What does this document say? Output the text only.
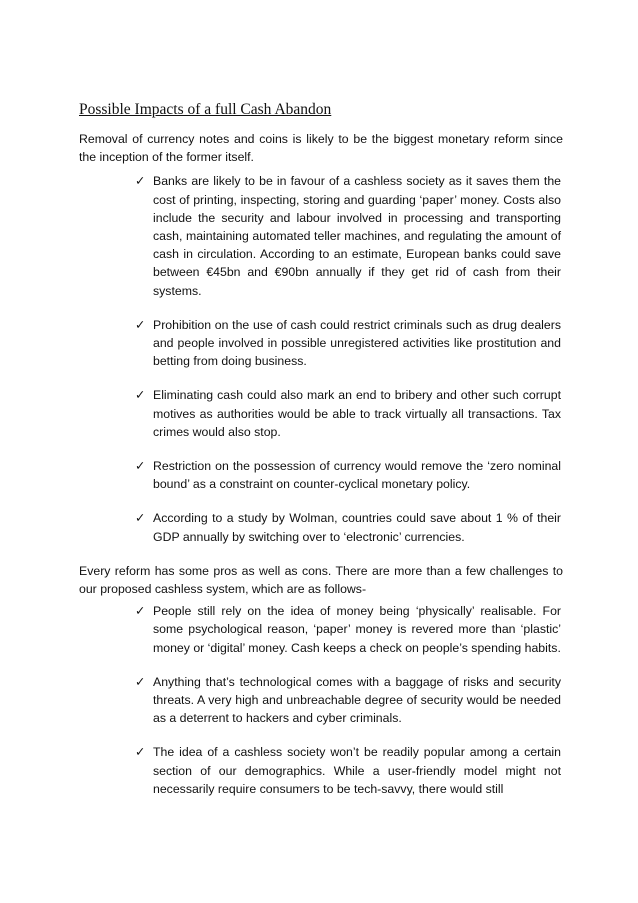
Possible Impacts of a full Cash Abandon

Removal of currency notes and coins is likely to be the biggest monetary reform since the inception of the former itself.

✓ Banks are likely to be in favour of a cashless society as it saves them the cost of printing, inspecting, storing and guarding ‘paper’ money. Costs also include the security and labour involved in processing and transporting cash, maintaining automated teller machines, and regulating the amount of cash in circulation. According to an estimate, European banks could save between €45bn and €90bn annually if they get rid of cash from their systems.
✓ Prohibition on the use of cash could restrict criminals such as drug dealers and people involved in possible unregistered activities like prostitution and betting from doing business.
✓ Eliminating cash could also mark an end to bribery and other such corrupt motives as authorities would be able to track virtually all transactions. Tax crimes would also stop.
✓ Restriction on the possession of currency would remove the ‘zero nominal bound’ as a constraint on counter-cyclical monetary policy.
✓ According to a study by Wolman, countries could save about 1 % of their GDP annually by switching over to ‘electronic’ currencies.

Every reform has some pros as well as cons. There are more than a few challenges to our proposed cashless system, which are as follows-

✓ People still rely on the idea of money being ‘physically’ realisable. For some psychological reason, ‘paper’ money is revered more than ‘plastic’ money or ‘digital’ money. Cash keeps a check on people’s spending habits.
✓ Anything that’s technological comes with a baggage of risks and security threats. A very high and unbreachable degree of security would be needed as a deterrent to hackers and cyber criminals.
✓ The idea of a cashless society won’t be readily popular among a certain section of our demographics. While a user-friendly model might not necessarily require consumers to be tech-savvy, there would still
